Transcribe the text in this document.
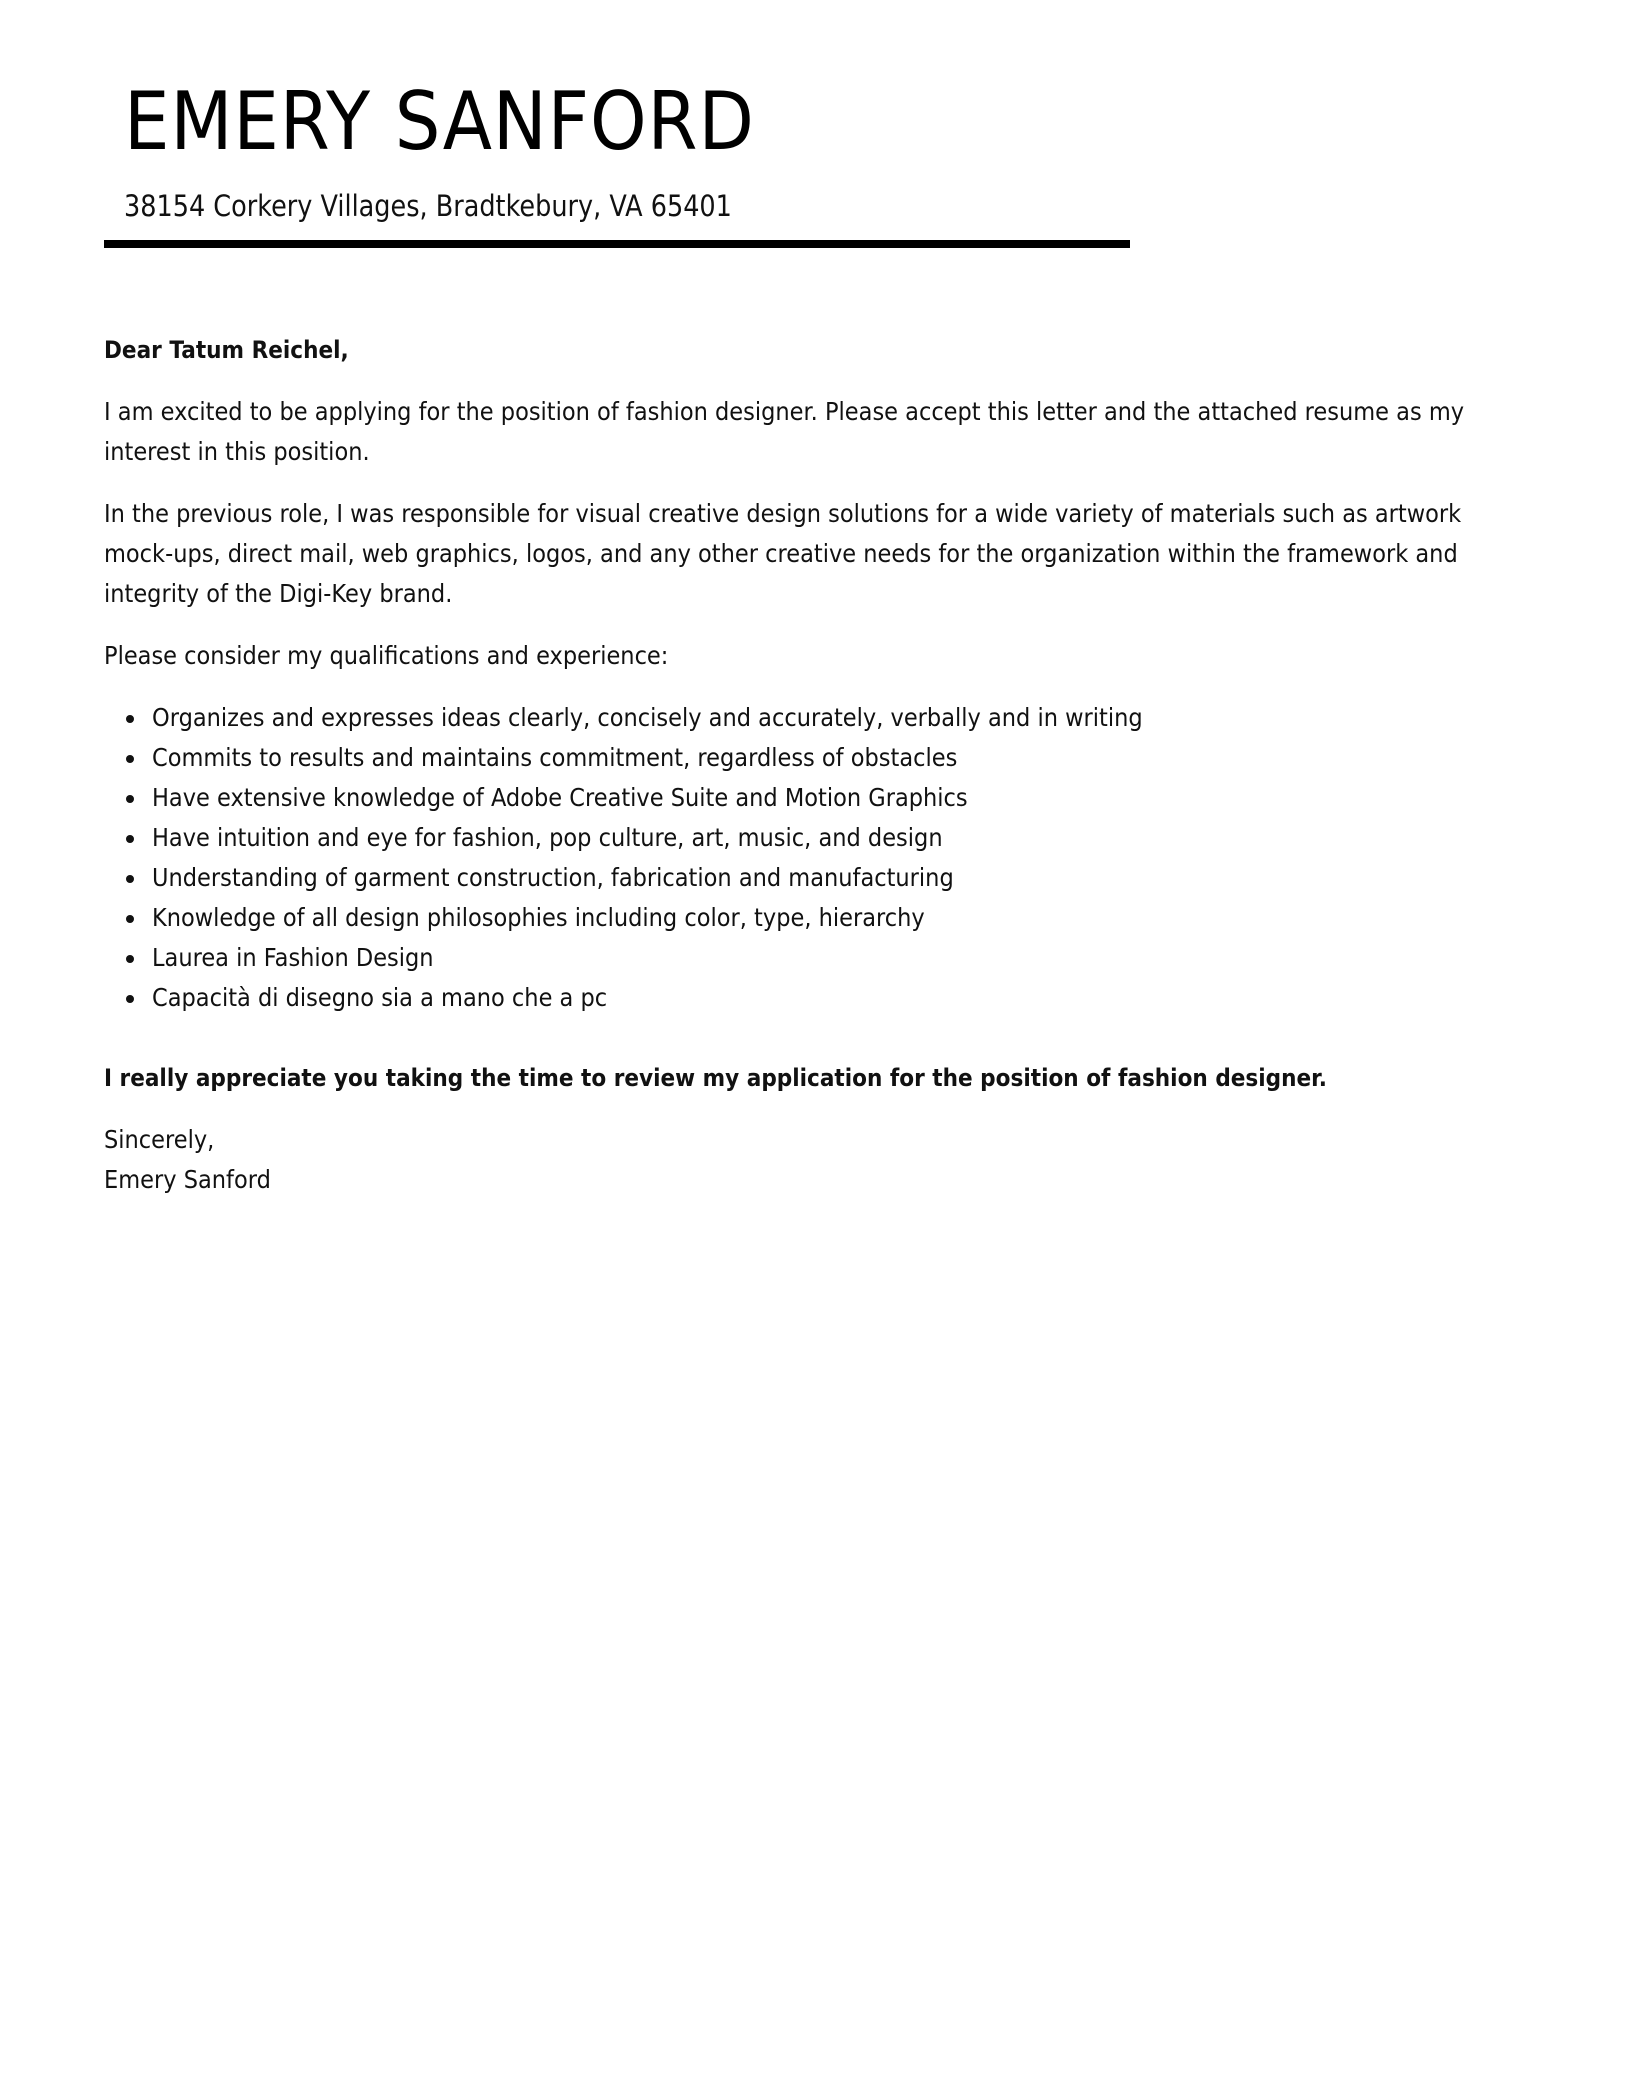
EMERY SANFORD
38154 Corkery Villages, Bradtkebury, VA 65401

Dear Tatum Reichel,

I am excited to be applying for the position of fashion designer. Please accept this letter and the attached resume as my interest in this position.

In the previous role, I was responsible for visual creative design solutions for a wide variety of materials such as artwork mock-ups, direct mail, web graphics, logos, and any other creative needs for the organization within the framework and integrity of the Digi-Key brand.

Please consider my qualifications and experience:

Organizes and expresses ideas clearly, concisely and accurately, verbally and in writing
Commits to results and maintains commitment, regardless of obstacles
Have extensive knowledge of Adobe Creative Suite and Motion Graphics
Have intuition and eye for fashion, pop culture, art, music, and design
Understanding of garment construction, fabrication and manufacturing
Knowledge of all design philosophies including color, type, hierarchy
Laurea in Fashion Design
Capacità di disegno sia a mano che a pc

I really appreciate you taking the time to review my application for the position of fashion designer.

Sincerely,
Emery Sanford
